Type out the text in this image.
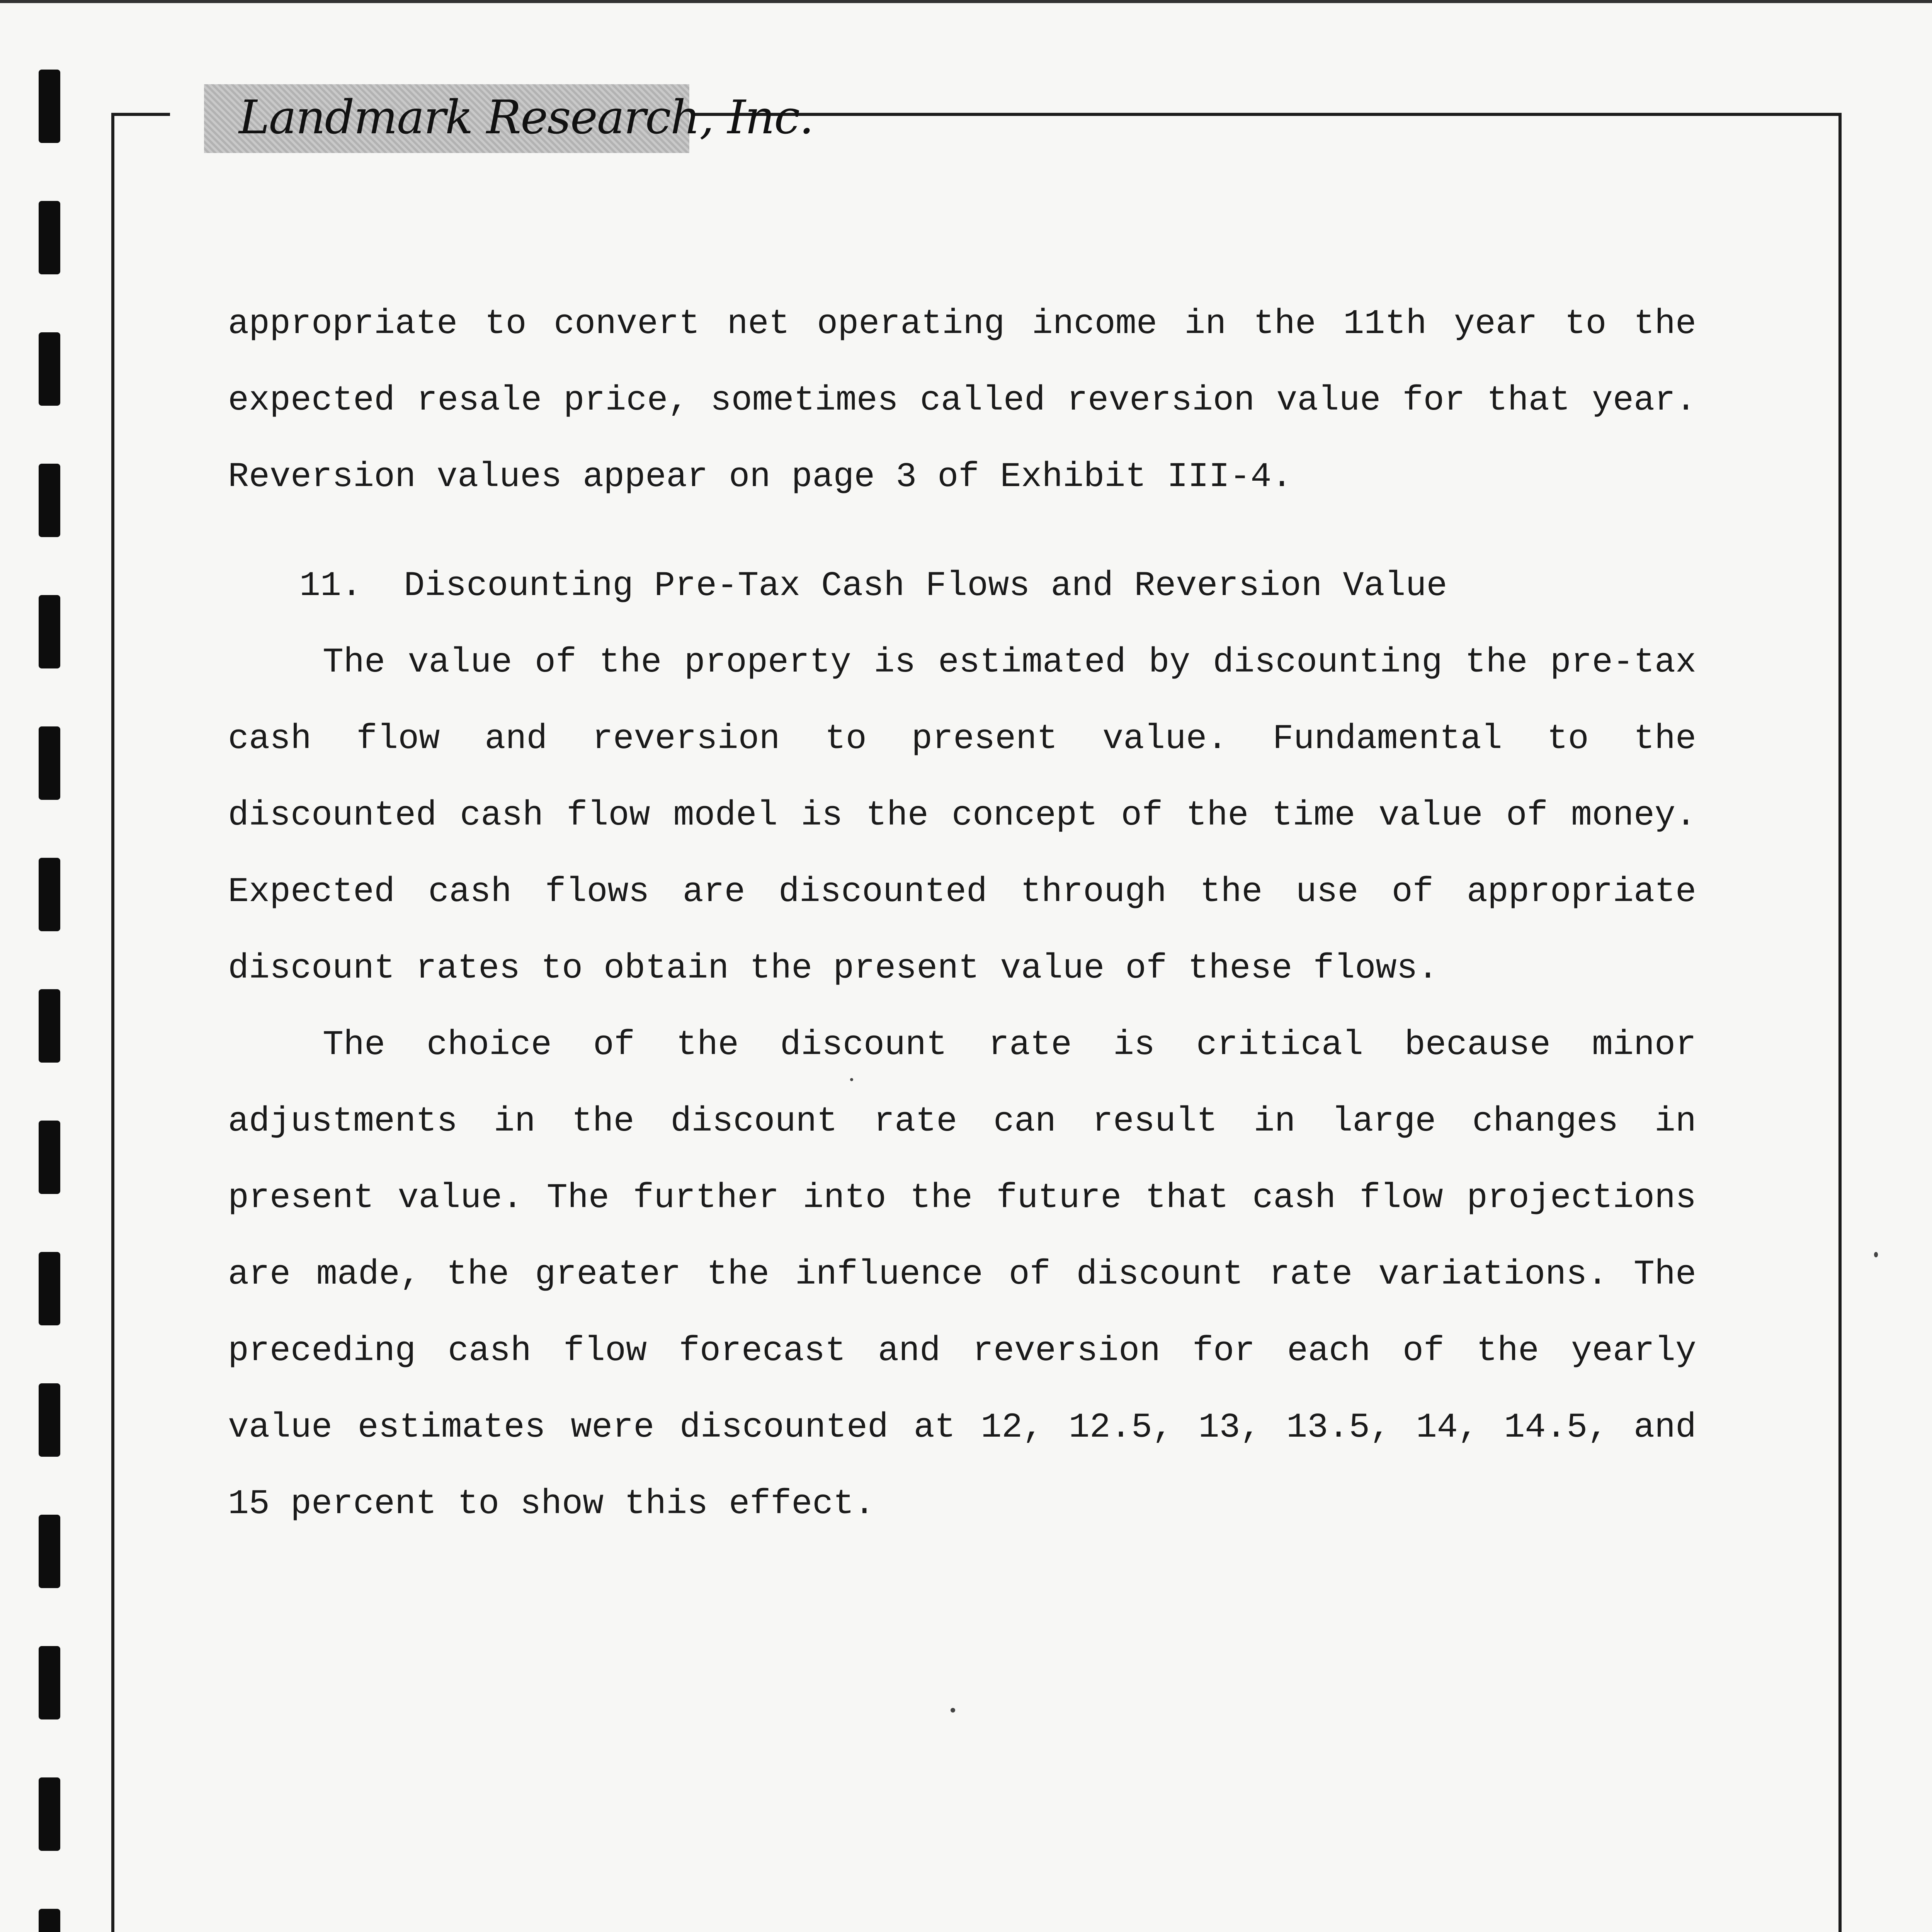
Landmark Research, Inc.

appropriate to convert net operating income in the 11th year to the expected resale price, sometimes called reversion value for that year. Reversion values appear on page 3 of Exhibit III-4.

11. Discounting Pre-Tax Cash Flows and Reversion Value

The value of the property is estimated by discounting the pre-tax cash flow and reversion to present value. Fundamental to the discounted cash flow model is the concept of the time value of money. Expected cash flows are discounted through the use of appropriate discount rates to obtain the present value of these flows.

The choice of the discount rate is critical because minor adjustments in the discount rate can result in large changes in present value. The further into the future that cash flow projections are made, the greater the influence of discount rate variations. The preceding cash flow forecast and reversion for each of the yearly value estimates were discounted at 12, 12.5, 13, 13.5, 14, 14.5, and 15 percent to show this effect.
